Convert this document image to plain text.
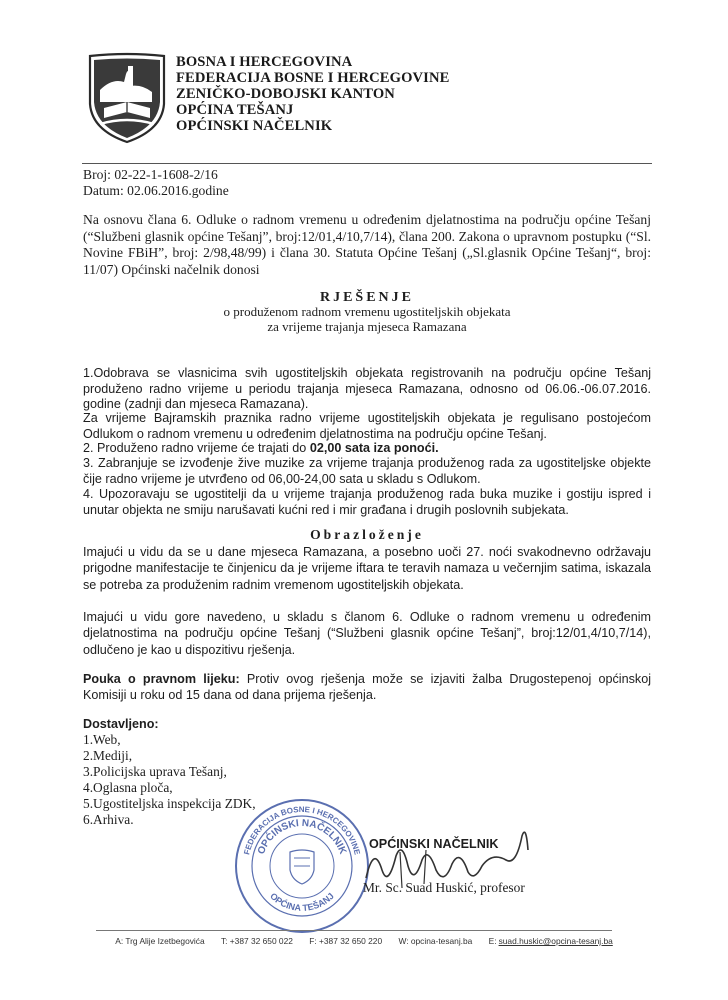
BOSNA I HERCEGOVINA
FEDERACIJA BOSNE I HERCEGOVINE
ZENIČKO-DOBOJSKI KANTON
OPĆINA TEŠANJ
OPĆINSKI NAČELNIK
Broj: 02-22-1-1608-2/16
Datum: 02.06.2016.godine
Na osnovu člana 6. Odluke o radnom vremenu u određenim djelatnostima na području općine Tešanj (“Službeni glasnik općine Tešanj”, broj:12/01,4/10,7/14), člana 200. Zakona o upravnom postupku (“Sl. Novine FBiH”, broj: 2/98,48/99) i člana 30. Statuta Općine Tešanj („Sl.glasnik Općine Tešanj“, broj: 11/07) Općinski načelnik donosi
RJEŠENJE
o produženom radnom vremenu ugostiteljskih objekata
za vrijeme trajanja mjeseca Ramazana
1.Odobrava se vlasnicima svih ugostiteljskih objekata registrovanih na području općine Tešanj produženo radno vrijeme u periodu trajanja mjeseca Ramazana, odnosno od 06.06.-06.07.2016. godine (zadnji dan mjeseca Ramazana).
Za vrijeme Bajramskih praznika radno vrijeme ugostiteljskih objekata je regulisano postojećom Odlukom o radnom vremenu u određenim djelatnostima na području općine Tešanj.
2. Produženo radno vrijeme će trajati do 02,00 sata iza ponoći.
3. Zabranjuje se izvođenje žive muzike za vrijeme trajanja produženog rada za ugostiteljske objekte čije radno vrijeme je utvrđeno od 06,00-24,00 sata u skladu s Odlukom.
4. Upozoravaju se ugostitelji da u vrijeme trajanja produženog rada buka muzike i gostiju ispred i unutar objekta ne smiju narušavati kućni red i mir građana i drugih poslovnih subjekata.
Obrazloženje
Imajući u vidu da se u dane mjeseca Ramazana, a posebno uoči 27. noći svakodnevno održavaju prigodne manifestacije te činjenicu da je vrijeme iftara te teravih namaza u večernjim satima, iskazala se potreba za produženim radnim vremenom ugostiteljskih objekata.
Imajući u vidu gore navedeno, u skladu s članom 6. Odluke o radnom vremenu u određenim djelatnostima na području općine Tešanj (“Službeni glasnik općine Tešanj”, broj:12/01,4/10,7/14), odlučeno je kao u dispozitivu rješenja.
Pouka o pravnom lijeku: Protiv ovog rješenja može se izjaviti žalba Drugostepenoj općinskoj Komisiji u roku od 15 dana od dana prijema rješenja.
Dostavljeno:
1.Web,
2.Mediji,
3.Policijska uprava Tešanj,
4.Oglasna ploča,
5.Ugostiteljska inspekcija ZDK,
6.Arhiva.
FEDERACIJA BOSNE I HERCEGOVINE
OPĆINSKI NAČELNIK
OPĆINA TEŠANJ
OPĆINSKI NAČELNIK
Mr. Sc. Suad Huskić, profesor
A: Trg Alije Izetbegovića T: +387 32 650 022 F: +387 32 650 220 W: opcina-tesanj.ba E: suad.huskic@opcina-tesanj.ba
